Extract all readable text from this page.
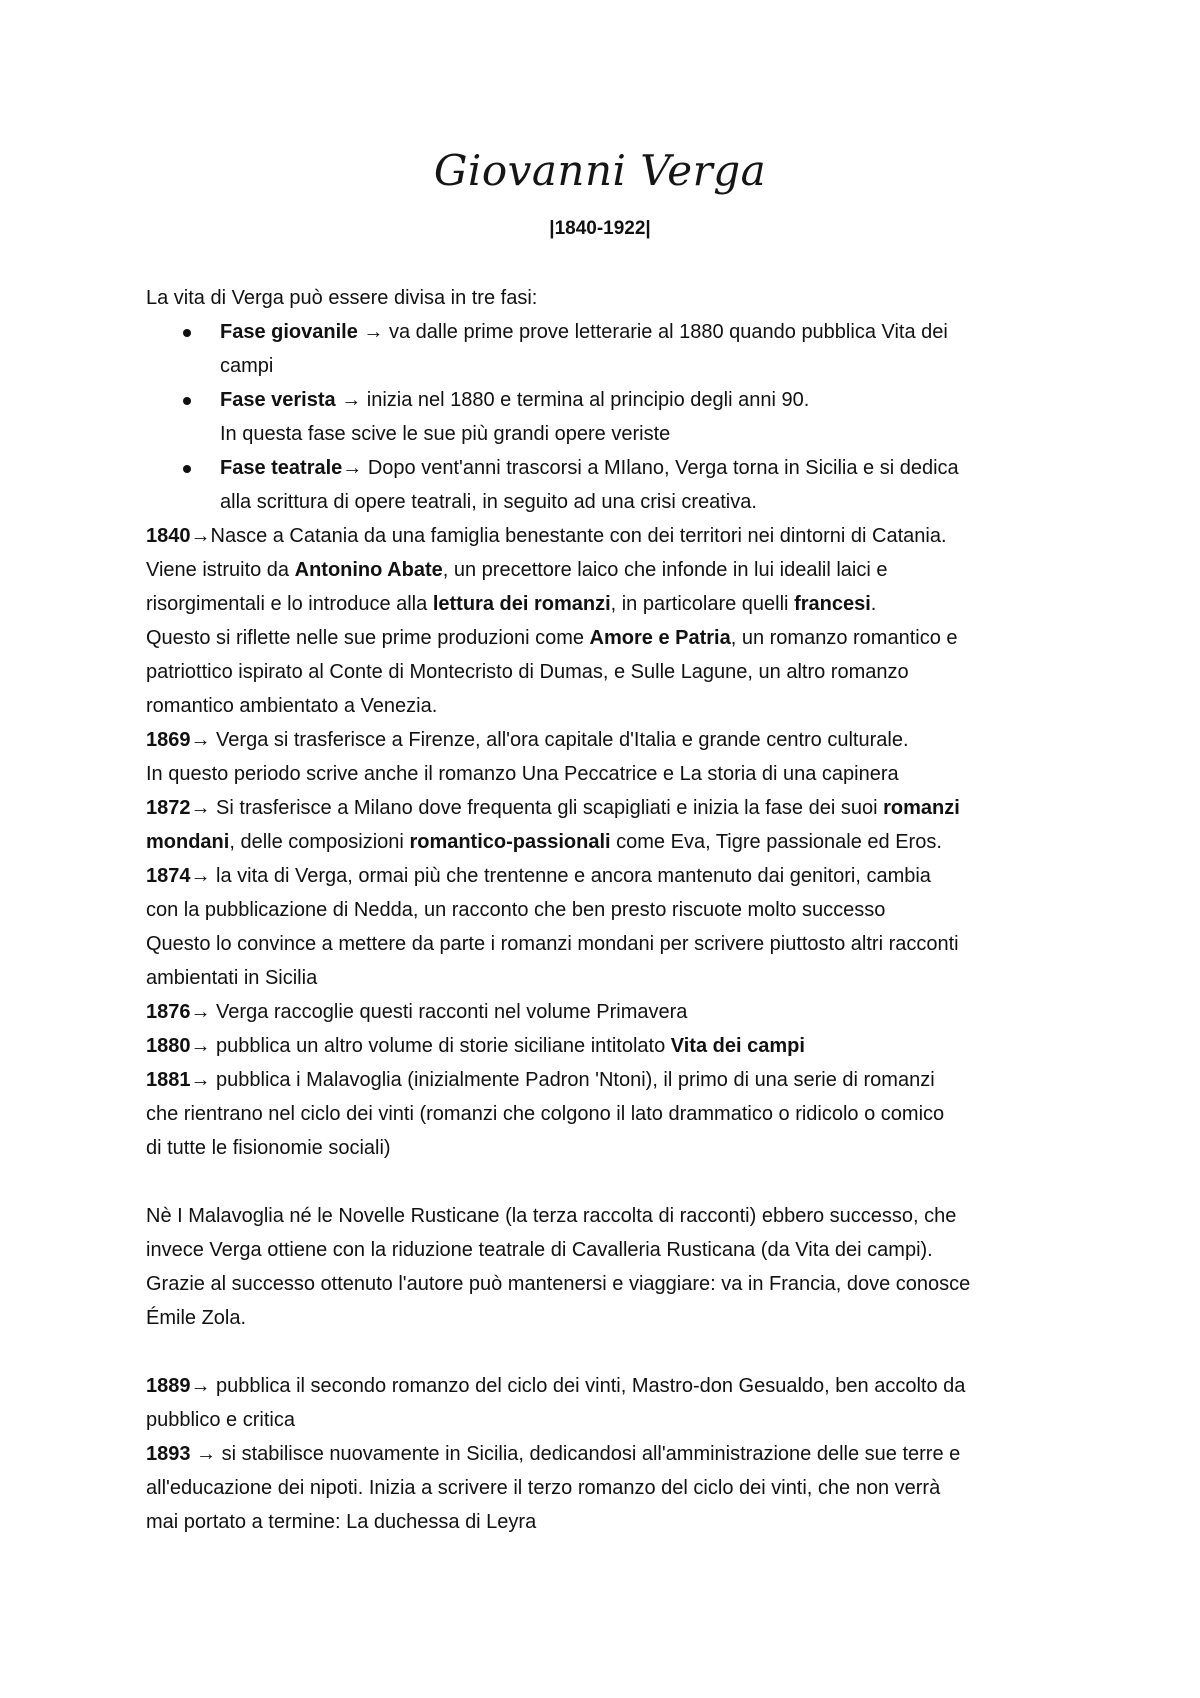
Giovanni Verga
|1840-1922|
La vita di Verga può essere divisa in tre fasi:
Fase giovanile → va dalle prime prove letterarie al 1880 quando pubblica Vita dei
campi
Fase verista → inizia nel 1880 e termina al principio degli anni 90.
In questa fase scive le sue più grandi opere veriste
Fase teatrale→ Dopo vent'anni trascorsi a MIlano, Verga torna in Sicilia e si dedica
alla scrittura di opere teatrali, in seguito ad una crisi creativa.
1840→Nasce a Catania da una famiglia benestante con dei territori nei dintorni di Catania.
Viene istruito da Antonino Abate, un precettore laico che infonde in lui idealil laici e
risorgimentali e lo introduce alla lettura dei romanzi, in particolare quelli francesi.
Questo si riflette nelle sue prime produzioni come Amore e Patria, un romanzo romantico e
patriottico ispirato al Conte di Montecristo di Dumas, e Sulle Lagune, un altro romanzo
romantico ambientato a Venezia.
1869→ Verga si trasferisce a Firenze, all'ora capitale d'Italia e grande centro culturale.
In questo periodo scrive anche il romanzo Una Peccatrice e La storia di una capinera
1872→ Si trasferisce a Milano dove frequenta gli scapigliati e inizia la fase dei suoi romanzi
mondani, delle composizioni romantico-passionali come Eva, Tigre passionale ed Eros.
1874→ la vita di Verga, ormai più che trentenne e ancora mantenuto dai genitori, cambia
con la pubblicazione di Nedda, un racconto che ben presto riscuote molto successo
Questo lo convince a mettere da parte i romanzi mondani per scrivere piuttosto altri racconti
ambientati in Sicilia
1876→ Verga raccoglie questi racconti nel volume Primavera
1880→ pubblica un altro volume di storie siciliane intitolato Vita dei campi
1881→ pubblica i Malavoglia (inizialmente Padron 'Ntoni), il primo di una serie di romanzi
che rientrano nel ciclo dei vinti (romanzi che colgono il lato drammatico o ridicolo o comico
di tutte le fisionomie sociali)
Nè I Malavoglia né le Novelle Rusticane (la terza raccolta di racconti) ebbero successo, che
invece Verga ottiene con la riduzione teatrale di Cavalleria Rusticana (da Vita dei campi).
Grazie al successo ottenuto l'autore può mantenersi e viaggiare: va in Francia, dove conosce
Émile Zola.
1889→ pubblica il secondo romanzo del ciclo dei vinti, Mastro-don Gesualdo, ben accolto da
pubblico e critica
1893 → si stabilisce nuovamente in Sicilia, dedicandosi all'amministrazione delle sue terre e
all'educazione dei nipoti. Inizia a scrivere il terzo romanzo del ciclo dei vinti, che non verrà
mai portato a termine: La duchessa di Leyra
